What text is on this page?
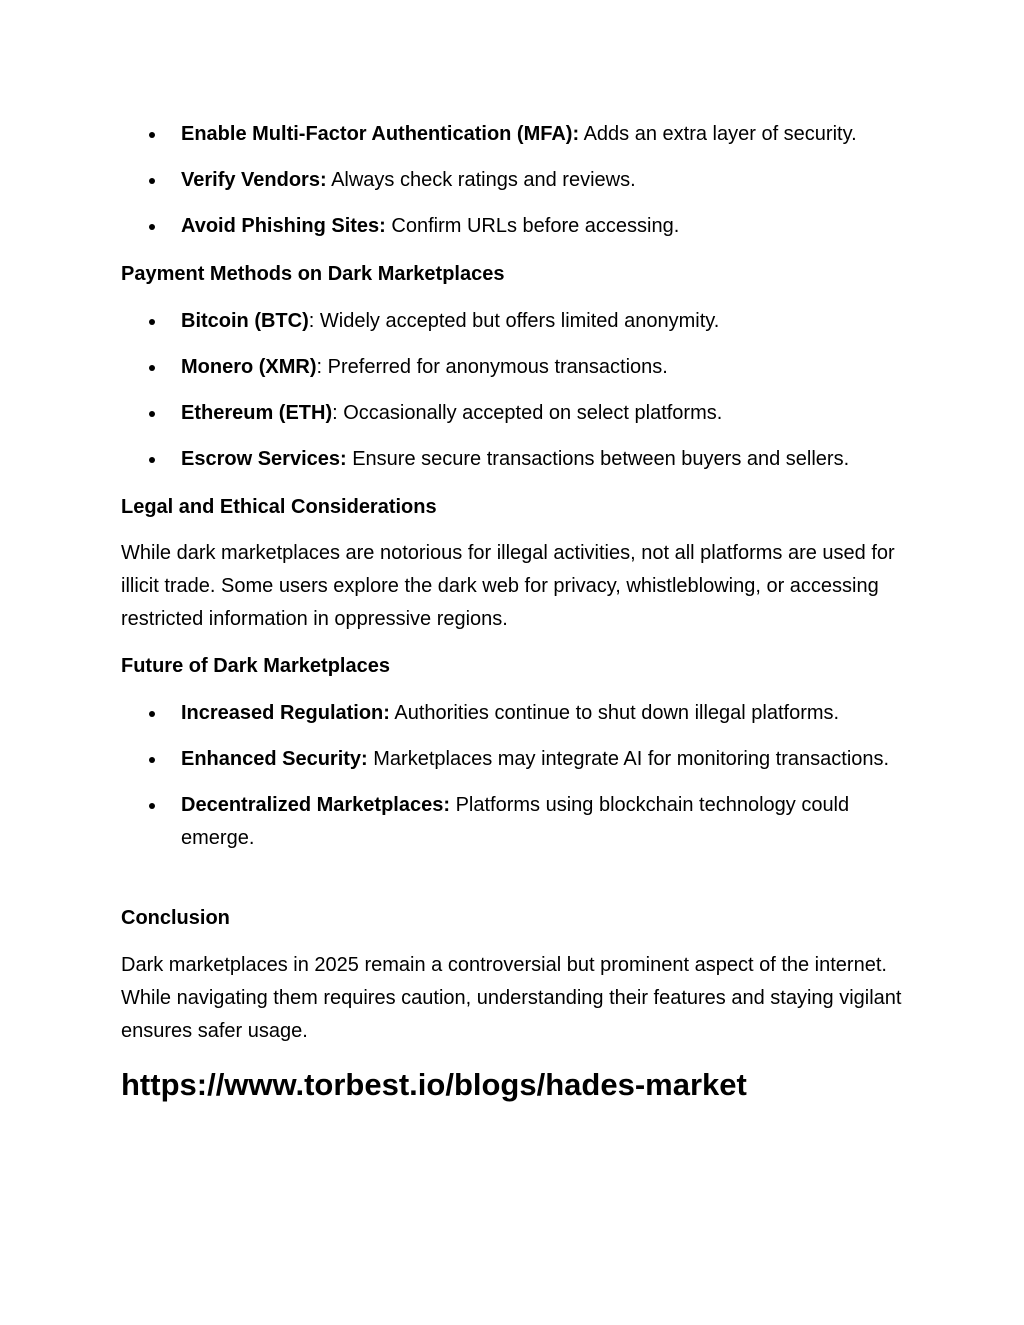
Enable Multi-Factor Authentication (MFA): Adds an extra layer of security.
Verify Vendors: Always check ratings and reviews.
Avoid Phishing Sites: Confirm URLs before accessing.
Payment Methods on Dark Marketplaces
Bitcoin (BTC): Widely accepted but offers limited anonymity.
Monero (XMR): Preferred for anonymous transactions.
Ethereum (ETH): Occasionally accepted on select platforms.
Escrow Services: Ensure secure transactions between buyers and sellers.
Legal and Ethical Considerations
While dark marketplaces are notorious for illegal activities, not all platforms are used for illicit trade. Some users explore the dark web for privacy, whistleblowing, or accessing restricted information in oppressive regions.
Future of Dark Marketplaces
Increased Regulation: Authorities continue to shut down illegal platforms.
Enhanced Security: Marketplaces may integrate AI for monitoring transactions.
Decentralized Marketplaces: Platforms using blockchain technology could emerge.
Conclusion
Dark marketplaces in 2025 remain a controversial but prominent aspect of the internet. While navigating them requires caution, understanding their features and staying vigilant ensures safer usage.
https://www.torbest.io/blogs/hades-market
